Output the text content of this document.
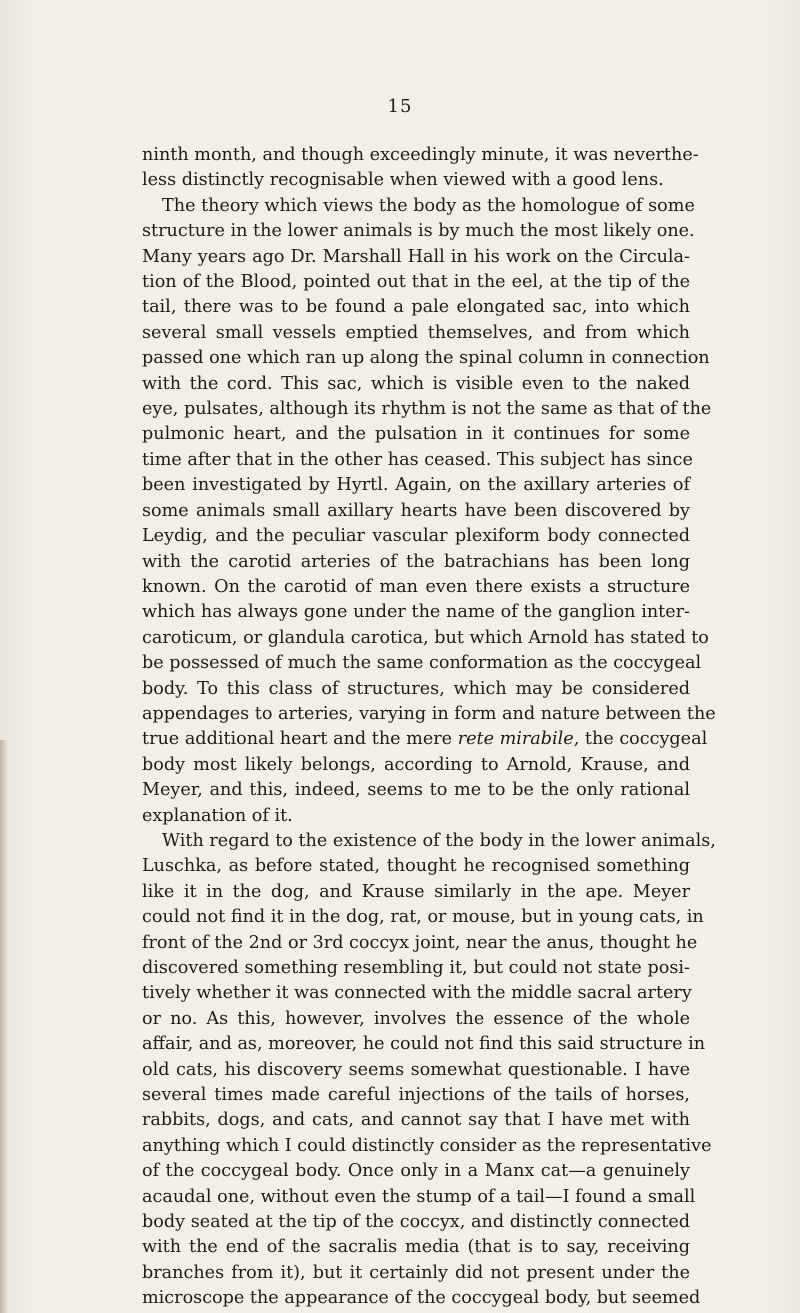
15
ninth month, and though exceedingly minute, it was neverthe-
less distinctly recognisable when viewed with a good lens.
The theory which views the body as the homologue of some
structure in the lower animals is by much the most likely one.
Many years ago Dr. Marshall Hall in his work on the Circula-
tion of the Blood, pointed out that in the eel, at the tip of the
tail, there was to be found a pale elongated sac, into which
several small vessels emptied themselves, and from which
passed one which ran up along the spinal column in connection
with the cord. This sac, which is visible even to the naked
eye, pulsates, although its rhythm is not the same as that of the
pulmonic heart, and the pulsation in it continues for some
time after that in the other has ceased. This subject has since
been investigated by Hyrtl. Again, on the axillary arteries of
some animals small axillary hearts have been discovered by
Leydig, and the peculiar vascular plexiform body connected
with the carotid arteries of the batrachians has been long
known. On the carotid of man even there exists a structure
which has always gone under the name of the ganglion inter-
caroticum, or glandula carotica, but which Arnold has stated to
be possessed of much the same conformation as the coccygeal
body. To this class of structures, which may be considered
appendages to arteries, varying in form and nature between the
true additional heart and the mere rete mirabile, the coccygeal
body most likely belongs, according to Arnold, Krause, and
Meyer, and this, indeed, seems to me to be the only rational
explanation of it.
With regard to the existence of the body in the lower animals,
Luschka, as before stated, thought he recognised something
like it in the dog, and Krause similarly in the ape. Meyer
could not find it in the dog, rat, or mouse, but in young cats, in
front of the 2nd or 3rd coccyx joint, near the anus, thought he
discovered something resembling it, but could not state posi-
tively whether it was connected with the middle sacral artery
or no. As this, however, involves the essence of the whole
affair, and as, moreover, he could not find this said structure in
old cats, his discovery seems somewhat questionable. I have
several times made careful injections of the tails of horses,
rabbits, dogs, and cats, and cannot say that I have met with
anything which I could distinctly consider as the representative
of the coccygeal body. Once only in a Manx cat—a genuinely
acaudal one, without even the stump of a tail—I found a small
body seated at the tip of the coccyx, and distinctly connected
with the end of the sacralis media (that is to say, receiving
branches from it), but it certainly did not present under the
microscope the appearance of the coccygeal body, but seemed
